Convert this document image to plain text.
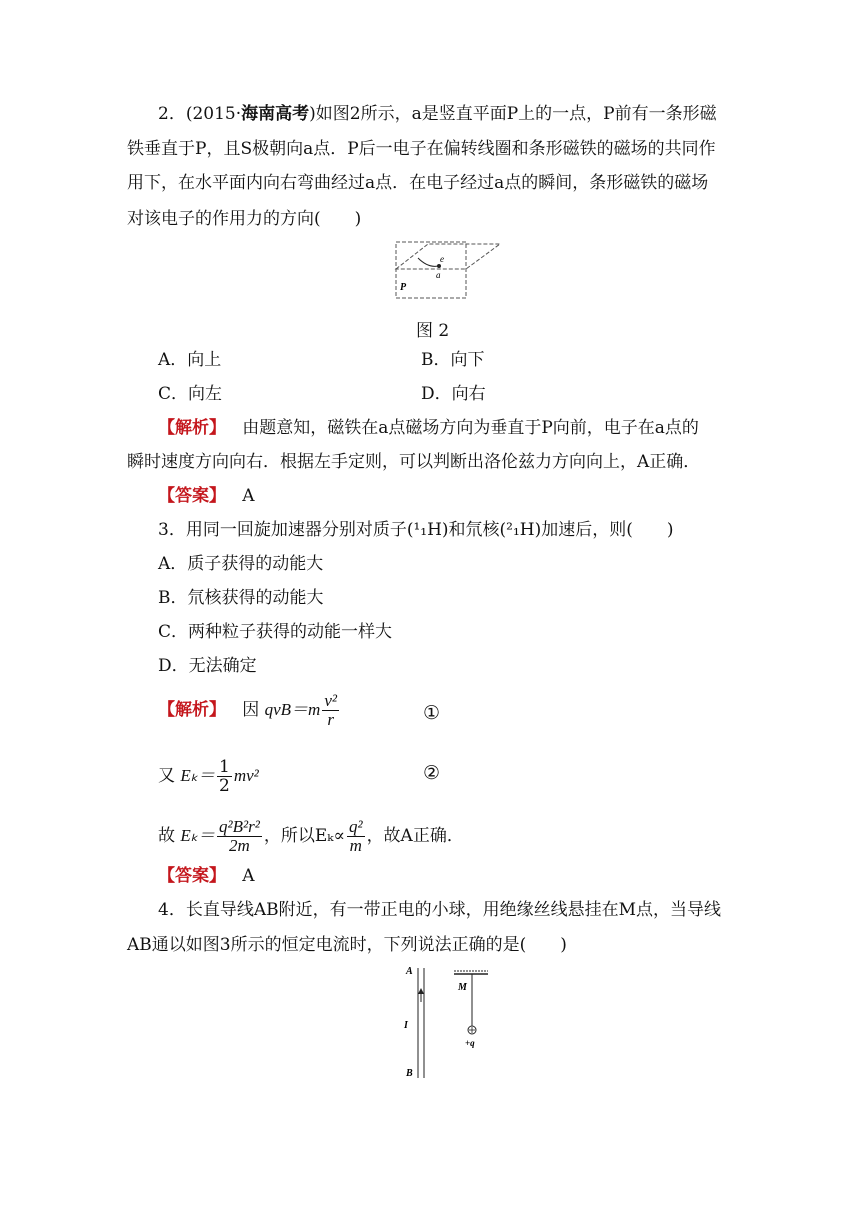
2．(2015·海南高考)如图2所示，a是竖直平面P上的一点，P前有一条形磁
铁垂直于P，且S极朝向a点．P后一电子在偏转线圈和条形磁铁的磁场的共同作
用下，在水平面内向右弯曲经过a点．在电子经过a点的瞬间，条形磁铁的磁场
对该电子的作用力的方向(　　)
e
a
P
图 2
A．向上	B．向下
C．向左	D．向右
【解析】 由题意知，磁铁在a点磁场方向为垂直于P向前，电子在a点的
瞬时速度方向向右．根据左手定则，可以判断出洛伦兹力方向向上，A正确．
【答案】 A
3．用同一回旋加速器分别对质子(¹₁H)和氘核(²₁H)加速后，则(　　)
A．质子获得的动能大
B．氘核获得的动能大
C．两种粒子获得的动能一样大
D．无法确定
【解析】 因 $qvB=m \frac{\text{v²}}{r}$	①
又 $E_k= \frac{1}{2} mv^2$	②
故 $E_k= \frac{\text{q²B²r²}}{2m}$ ，所以$E_k\propto \frac{\text{q²}}{m}$ ，故A正确．
【答案】 A
4．长直导线AB附近，有一带正电的小球，用绝缘丝线悬挂在M点，当导线
AB通以如图3所示的恒定电流时，下列说法正确的是(　　)
A
B
I
M
+q
